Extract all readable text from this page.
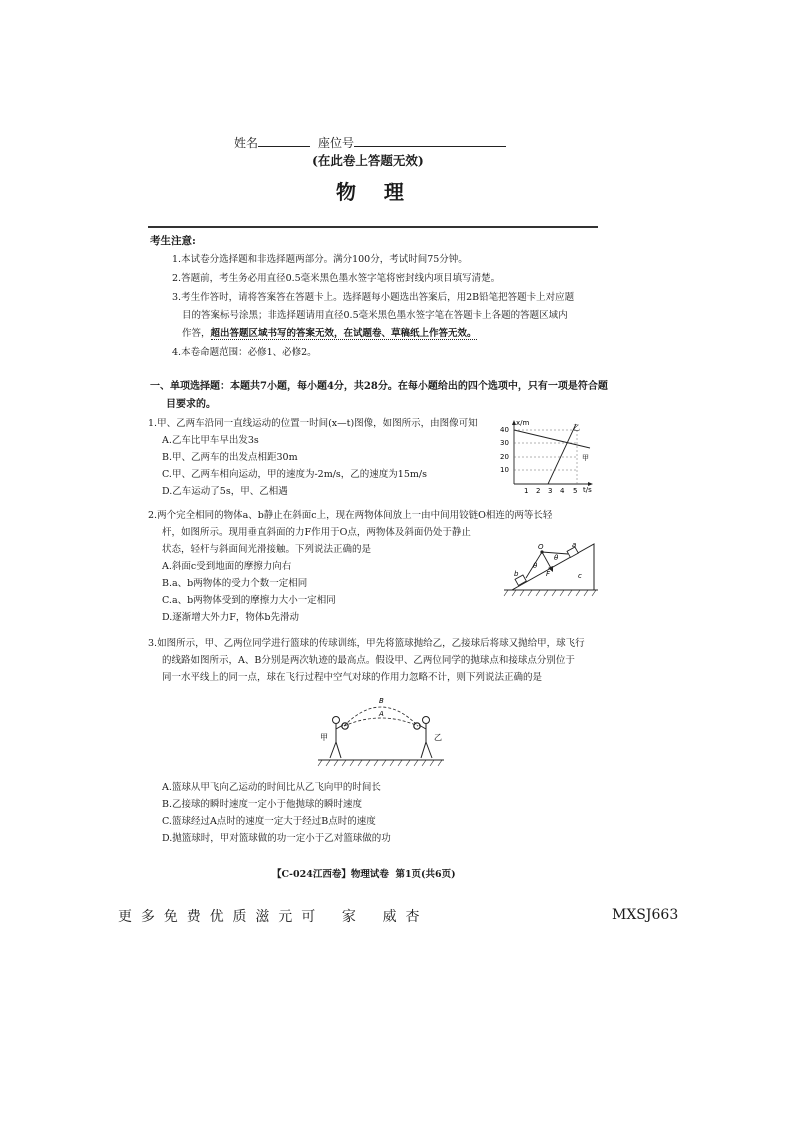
姓名	座位号
(在此卷上答题无效)
物    理
考生注意:
1.本试卷分选择题和非选择题两部分。满分100分，考试时间75分钟。
2.答题前，考生务必用直径0.5毫米黑色墨水签字笔将密封线内项目填写清楚。
3.考生作答时，请将答案答在答题卡上。选择题每小题选出答案后，用2B铅笔把答题卡上对应题
目的答案标号涂黑；非选择题请用直径0.5毫米黑色墨水签字笔在答题卡上各题的答题区域内
作答，超出答题区域书写的答案无效，在试题卷、草稿纸上作答无效。
4.本卷命题范围：必修1、必修2。
一、单项选择题：本题共7小题，每小题4分，共28分。在每小题给出的四个选项中，只有一项是符合题
目要求的。
1.甲、乙两车沿同一直线运动的位置一时间(x—t)图像，如图所示，由图像可知
A.乙车比甲车早出发3s
B.甲、乙两车的出发点相距30m
C.甲、乙两车相向运动，甲的速度为-2m/s，乙的速度为15m/s
D.乙车运动了5s，甲、乙相遇
x/m
t/s
40
30
20
10
1 2 3 4 5
乙
甲
2.两个完全相同的物体a、b静止在斜面c上，现在两物体间放上一由中间用铰链O相连的两等长轻
杆，如图所示。现用垂直斜面的力F作用于O点，两物体及斜面仍处于静止
状态，轻杆与斜面间光滑接触。下列说法正确的是
A.斜面c受到地面的摩擦力向右
B.a、b两物体的受力个数一定相同
C.a、b两物体受到的摩擦力大小一定相同
D.逐渐增大外力F，物体b先滑动
O	a
b	c
F
θ
θ
3.如图所示，甲、乙两位同学进行篮球的传球训练，甲先将篮球抛给乙，乙接球后将球又抛给甲，球飞行
的线路如图所示，A、B分别是两次轨迹的最高点。假设甲、乙两位同学的抛球点和接球点分别位于
同一水平线上的同一点，球在飞行过程中空气对球的作用力忽略不计，则下列说法正确的是
B
A
甲	乙
A.篮球从甲飞向乙运动的时间比从乙飞向甲的时间长
B.乙接球的瞬时速度一定小于他抛球的瞬时速度
C.篮球经过A点时的速度一定大于经过B点时的速度
D.抛篮球时，甲对篮球做的功一定小于乙对篮球做的功
【C-024江西卷】物理试卷  第1页(共6页)
更  多  免  费  优  质  滋  元  可      家      威  杏	MXSJ663
